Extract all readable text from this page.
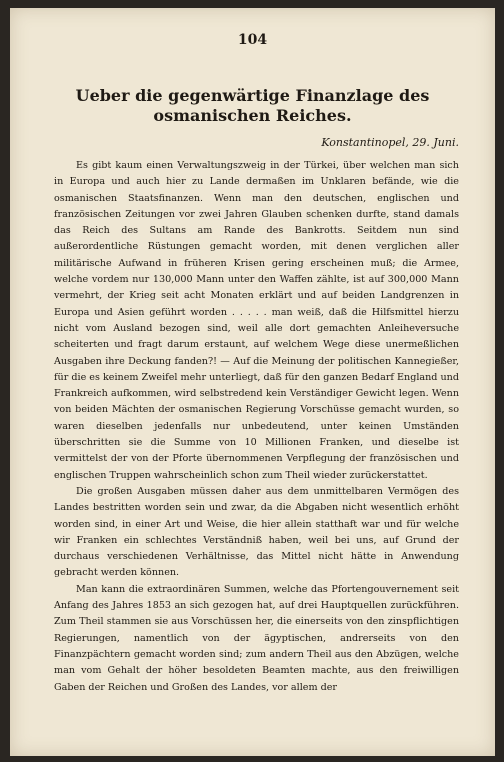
104
Ueber die gegenwärtige Finanzlage des osmanischen Reiches.
Konstantinopel, 29. Juni.

Es gibt kaum einen Verwaltungszweig in der Türkei, über welchen man sich in Europa und auch hier zu Lande dermaßen im Unklaren befände, wie die osmanischen Staatsfinanzen. Wenn man den deutschen, englischen und französischen Zeitungen vor zwei Jahren Glauben schenken durfte, stand damals das Reich des Sultans am Rande des Bankrotts. Seitdem nun sind außerordentliche Rüstungen gemacht worden, mit denen verglichen aller militärische Aufwand in früheren Krisen gering erscheinen muß; die Armee, welche vordem nur 130,000 Mann unter den Waffen zählte, ist auf 300,000 Mann vermehrt, der Krieg seit acht Monaten erklärt und auf beiden Landgrenzen in Europa und Asien geführt worden . . . . . man weiß, daß die Hilfsmittel hierzu nicht vom Ausland bezogen sind, weil alle dort gemachten Anleiheversuche scheiterten und fragt darum erstaunt, auf welchem Wege diese unermeßlichen Ausgaben ihre Deckung fanden?! — Auf die Meinung der politischen Kannegießer, für die es keinem Zweifel mehr unterliegt, daß für den ganzen Bedarf England und Frankreich aufkommen, wird selbstredend kein Verständiger Gewicht legen. Wenn von beiden Mächten der osmanischen Regierung Vorschüsse gemacht wurden, so waren dieselben jedenfalls nur unbedeutend, unter keinen Umständen überschritten sie die Summe von 10 Millionen Franken, und dieselbe ist vermittelst der von der Pforte übernommenen Verpflegung der französischen und englischen Truppen wahrscheinlich schon zum Theil wieder zurückerstattet.

Die großen Ausgaben müssen daher aus dem unmittelbaren Vermögen des Landes bestritten worden sein und zwar, da die Abgaben nicht wesentlich erhöht worden sind, in einer Art und Weise, die hier allein statthaft war und für welche wir Franken ein schlechtes Verständniß haben, weil bei uns, auf Grund der durchaus verschiedenen Verhältnisse, das Mittel nicht hätte in Anwendung gebracht werden können.

Man kann die extraordinären Summen, welche das Pfortengouvernement seit Anfang des Jahres 1853 an sich gezogen hat, auf drei Hauptquellen zurückführen. Zum Theil stammen sie aus Vorschüssen her, die einerseits von den zinspflichtigen Regierungen, namentlich von der ägyptischen, andrerseits von den Finanzpächtern gemacht worden sind; zum andern Theil aus den Abzügen, welche man vom Gehalt der höher besoldeten Beamten machte, aus den freiwilligen Gaben der Reichen und Großen des Landes, vor allem der
